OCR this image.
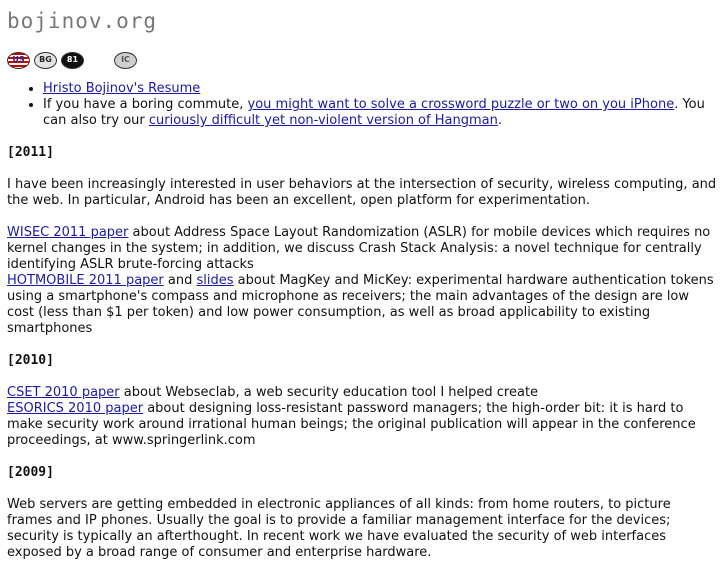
bojinov.org
US	BG	81	IC
• Hristo Bojinov's Resume
• If you have a boring commute, you might want to solve a crossword puzzle or two on you iPhone. You can also try our curiously difficult yet non-violent version of Hangman.
[2011]

I have been increasingly interested in user behaviors at the intersection of security, wireless computing, and the web. In particular, Android has been an excellent, open platform for experimentation.

WISEC 2011 paper about Address Space Layout Randomization (ASLR) for mobile devices which requires no kernel changes in the system; in addition, we discuss Crash Stack Analysis: a novel technique for centrally identifying ASLR brute-forcing attacks

HOTMOBILE 2011 paper and slides about MagKey and MicKey: experimental hardware authentication tokens using a smartphone's compass and microphone as receivers; the main advantages of the design are low cost (less than $1 per token) and low power consumption, as well as broad applicability to existing smartphones

[2010]

CSET 2010 paper about Webseclab, a web security education tool I helped create

ESORICS 2010 paper about designing loss-resistant password managers; the high-order bit: it is hard to make security work around irrational human beings; the original publication will appear in the conference proceedings, at www.springerlink.com

[2009]

Web servers are getting embedded in electronic appliances of all kinds: from home routers, to picture frames and IP phones. Usually the goal is to provide a familiar management interface for the devices; security is typically an afterthought. In recent work we have evaluated the security of web interfaces exposed by a broad range of consumer and enterprise hardware.
